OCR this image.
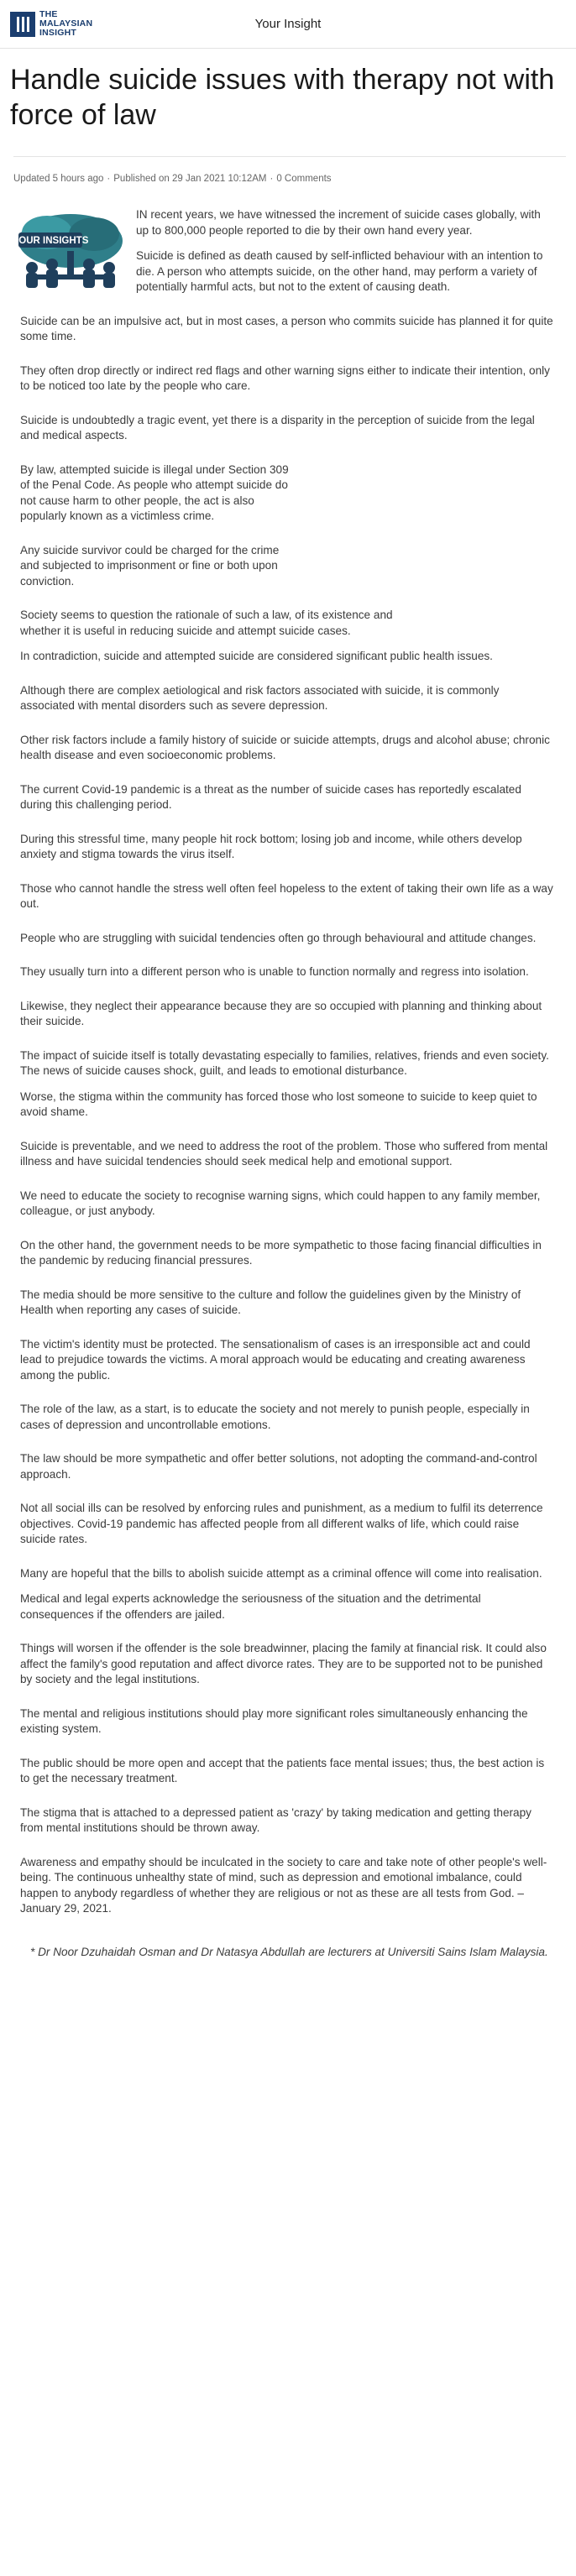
THE
MALAYSIAN
INSIGHT
Your Insight
Handle suicide issues with therapy not with force of law
Updated 5 hours ago · Published on 29 Jan 2021 10:12AM · 0 Comments
YOUR INSIGHTS

IN recent years, we have witnessed the increment of suicide cases globally, with up to 800,000 people reported to die by their own hand every year.

Suicide is defined as death caused by self-inflicted behaviour with an intention to die. A person who attempts suicide, on the other hand, may perform a variety of potentially harmful acts, but not to the extent of causing death.

Suicide can be an impulsive act, but in most cases, a person who commits suicide has planned it for quite some time.

They often drop directly or indirect red flags and other warning signs either to indicate their intention, only to be noticed too late by the people who care.

Suicide is undoubtedly a tragic event, yet there is a disparity in the perception of suicide from the legal and medical aspects.

By law, attempted suicide is illegal under Section 309 of the Penal Code. As people who attempt suicide do not cause harm to other people, the act is also popularly known as a victimless crime.

Any suicide survivor could be charged for the crime and subjected to imprisonment or fine or both upon conviction.

Society seems to question the rationale of such a law, of its existence and whether it is useful in reducing suicide and attempt suicide cases.

In contradiction, suicide and attempted suicide are considered significant public health issues.

Although there are complex aetiological and risk factors associated with suicide, it is commonly associated with mental disorders such as severe depression.

Other risk factors include a family history of suicide or suicide attempts, drugs and alcohol abuse; chronic health disease and even socioeconomic problems.

The current Covid-19 pandemic is a threat as the number of suicide cases has reportedly escalated during this challenging period.

During this stressful time, many people hit rock bottom; losing job and income, while others develop anxiety and stigma towards the virus itself.

Those who cannot handle the stress well often feel hopeless to the extent of taking their own life as a way out.

People who are struggling with suicidal tendencies often go through behavioural and attitude changes.

They usually turn into a different person who is unable to function normally and regress into isolation.

Likewise, they neglect their appearance because they are so occupied with planning and thinking about their suicide.

The impact of suicide itself is totally devastating especially to families, relatives, friends and even society. The news of suicide causes shock, guilt, and leads to emotional disturbance.

Worse, the stigma within the community has forced those who lost someone to suicide to keep quiet to avoid shame.

Suicide is preventable, and we need to address the root of the problem. Those who suffered from mental illness and have suicidal tendencies should seek medical help and emotional support.

We need to educate the society to recognise warning signs, which could happen to any family member, colleague, or just anybody.

On the other hand, the government needs to be more sympathetic to those facing financial difficulties in the pandemic by reducing financial pressures.

The media should be more sensitive to the culture and follow the guidelines given by the Ministry of Health when reporting any cases of suicide.

The victim's identity must be protected. The sensationalism of cases is an irresponsible act and could lead to prejudice towards the victims. A moral approach would be educating and creating awareness among the public.

The role of the law, as a start, is to educate the society and not merely to punish people, especially in cases of depression and uncontrollable emotions.

The law should be more sympathetic and offer better solutions, not adopting the command-and-control approach.

Not all social ills can be resolved by enforcing rules and punishment, as a medium to fulfil its deterrence objectives. Covid-19 pandemic has affected people from all different walks of life, which could raise suicide rates.

Many are hopeful that the bills to abolish suicide attempt as a criminal offence will come into realisation.

Medical and legal experts acknowledge the seriousness of the situation and the detrimental consequences if the offenders are jailed.

Things will worsen if the offender is the sole breadwinner, placing the family at financial risk. It could also affect the family's good reputation and affect divorce rates. They are to be supported not to be punished by society and the legal institutions.

The mental and religious institutions should play more significant roles simultaneously enhancing the existing system.

The public should be more open and accept that the patients face mental issues; thus, the best action is to get the necessary treatment.

The stigma that is attached to a depressed patient as 'crazy' by taking medication and getting therapy from mental institutions should be thrown away.

Awareness and empathy should be inculcated in the society to care and take note of other people's well-being. The continuous unhealthy state of mind, such as depression and emotional imbalance, could happen to anybody regardless of whether they are religious or not as these are all tests from God. – January 29, 2021.

* Dr Noor Dzuhaidah Osman and Dr Natasya Abdullah are lecturers at Universiti Sains Islam Malaysia.
